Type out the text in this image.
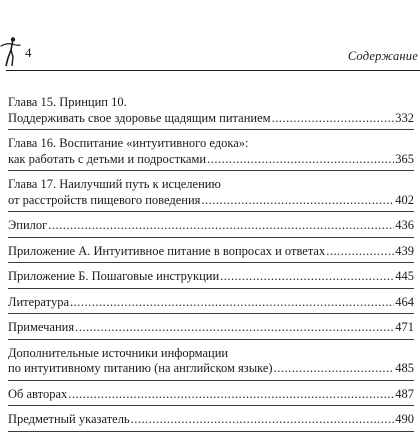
4	Содержание
Глава 15. Принцип 10.
Поддерживать свое здоровье щадящим питанием .....	332
Глава 16. Воспитание «интуитивного едока»:
как работать с детьми и подростками .....	365
Глава 17. Наилучший путь к исцелению
от расстройств пищевого поведения .....	402
Эпилог .....	436
Приложение А. Интуитивное питание в вопросах и ответах .....	439
Приложение Б. Пошаговые инструкции .....	445
Литература .....	464
Примечания .....	471
Дополнительные источники информации
по интуитивному питанию (на английском языке) .....	485
Об авторах .....	487
Предметный указатель .....	490
